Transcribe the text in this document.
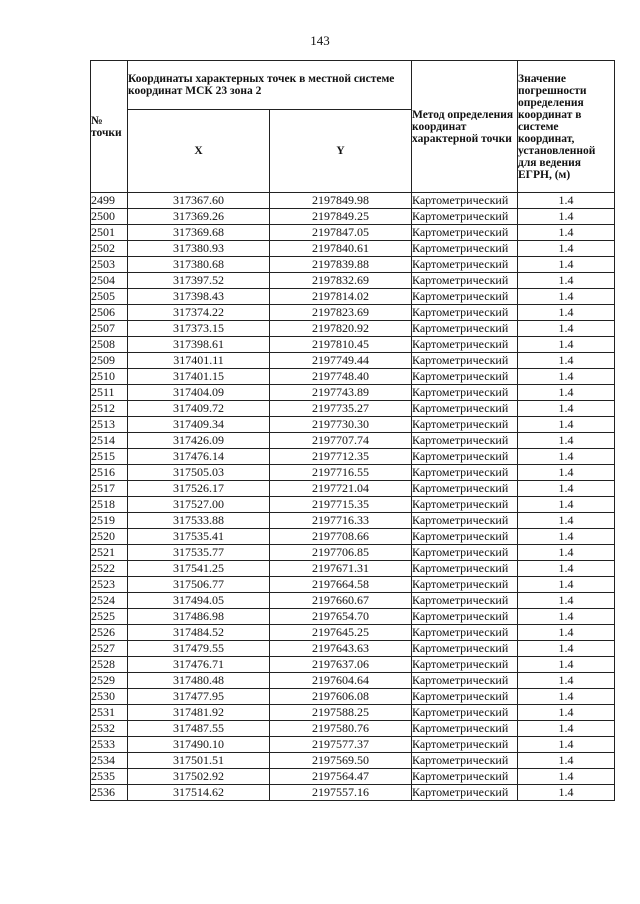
143
№
точки	Координаты характерных точек в местной системе координат МСК 23 зона 2		Метод определения координат характерной точки	Значение погрешности определения координат в системе координат, установленной для ведения ЕГРН, (м)
	X	Y		
2499	317367.60	2197849.98	Картометрический	1.4
2500	317369.26	2197849.25	Картометрический	1.4
2501	317369.68	2197847.05	Картометрический	1.4
2502	317380.93	2197840.61	Картометрический	1.4
2503	317380.68	2197839.88	Картометрический	1.4
2504	317397.52	2197832.69	Картометрический	1.4
2505	317398.43	2197814.02	Картометрический	1.4
2506	317374.22	2197823.69	Картометрический	1.4
2507	317373.15	2197820.92	Картометрический	1.4
2508	317398.61	2197810.45	Картометрический	1.4
2509	317401.11	2197749.44	Картометрический	1.4
2510	317401.15	2197748.40	Картометрический	1.4
2511	317404.09	2197743.89	Картометрический	1.4
2512	317409.72	2197735.27	Картометрический	1.4
2513	317409.34	2197730.30	Картометрический	1.4
2514	317426.09	2197707.74	Картометрический	1.4
2515	317476.14	2197712.35	Картометрический	1.4
2516	317505.03	2197716.55	Картометрический	1.4
2517	317526.17	2197721.04	Картометрический	1.4
2518	317527.00	2197715.35	Картометрический	1.4
2519	317533.88	2197716.33	Картометрический	1.4
2520	317535.41	2197708.66	Картометрический	1.4
2521	317535.77	2197706.85	Картометрический	1.4
2522	317541.25	2197671.31	Картометрический	1.4
2523	317506.77	2197664.58	Картометрический	1.4
2524	317494.05	2197660.67	Картометрический	1.4
2525	317486.98	2197654.70	Картометрический	1.4
2526	317484.52	2197645.25	Картометрический	1.4
2527	317479.55	2197643.63	Картометрический	1.4
2528	317476.71	2197637.06	Картометрический	1.4
2529	317480.48	2197604.64	Картометрический	1.4
2530	317477.95	2197606.08	Картометрический	1.4
2531	317481.92	2197588.25	Картометрический	1.4
2532	317487.55	2197580.76	Картометрический	1.4
2533	317490.10	2197577.37	Картометрический	1.4
2534	317501.51	2197569.50	Картометрический	1.4
2535	317502.92	2197564.47	Картометрический	1.4
2536	317514.62	2197557.16	Картометрический	1.4
